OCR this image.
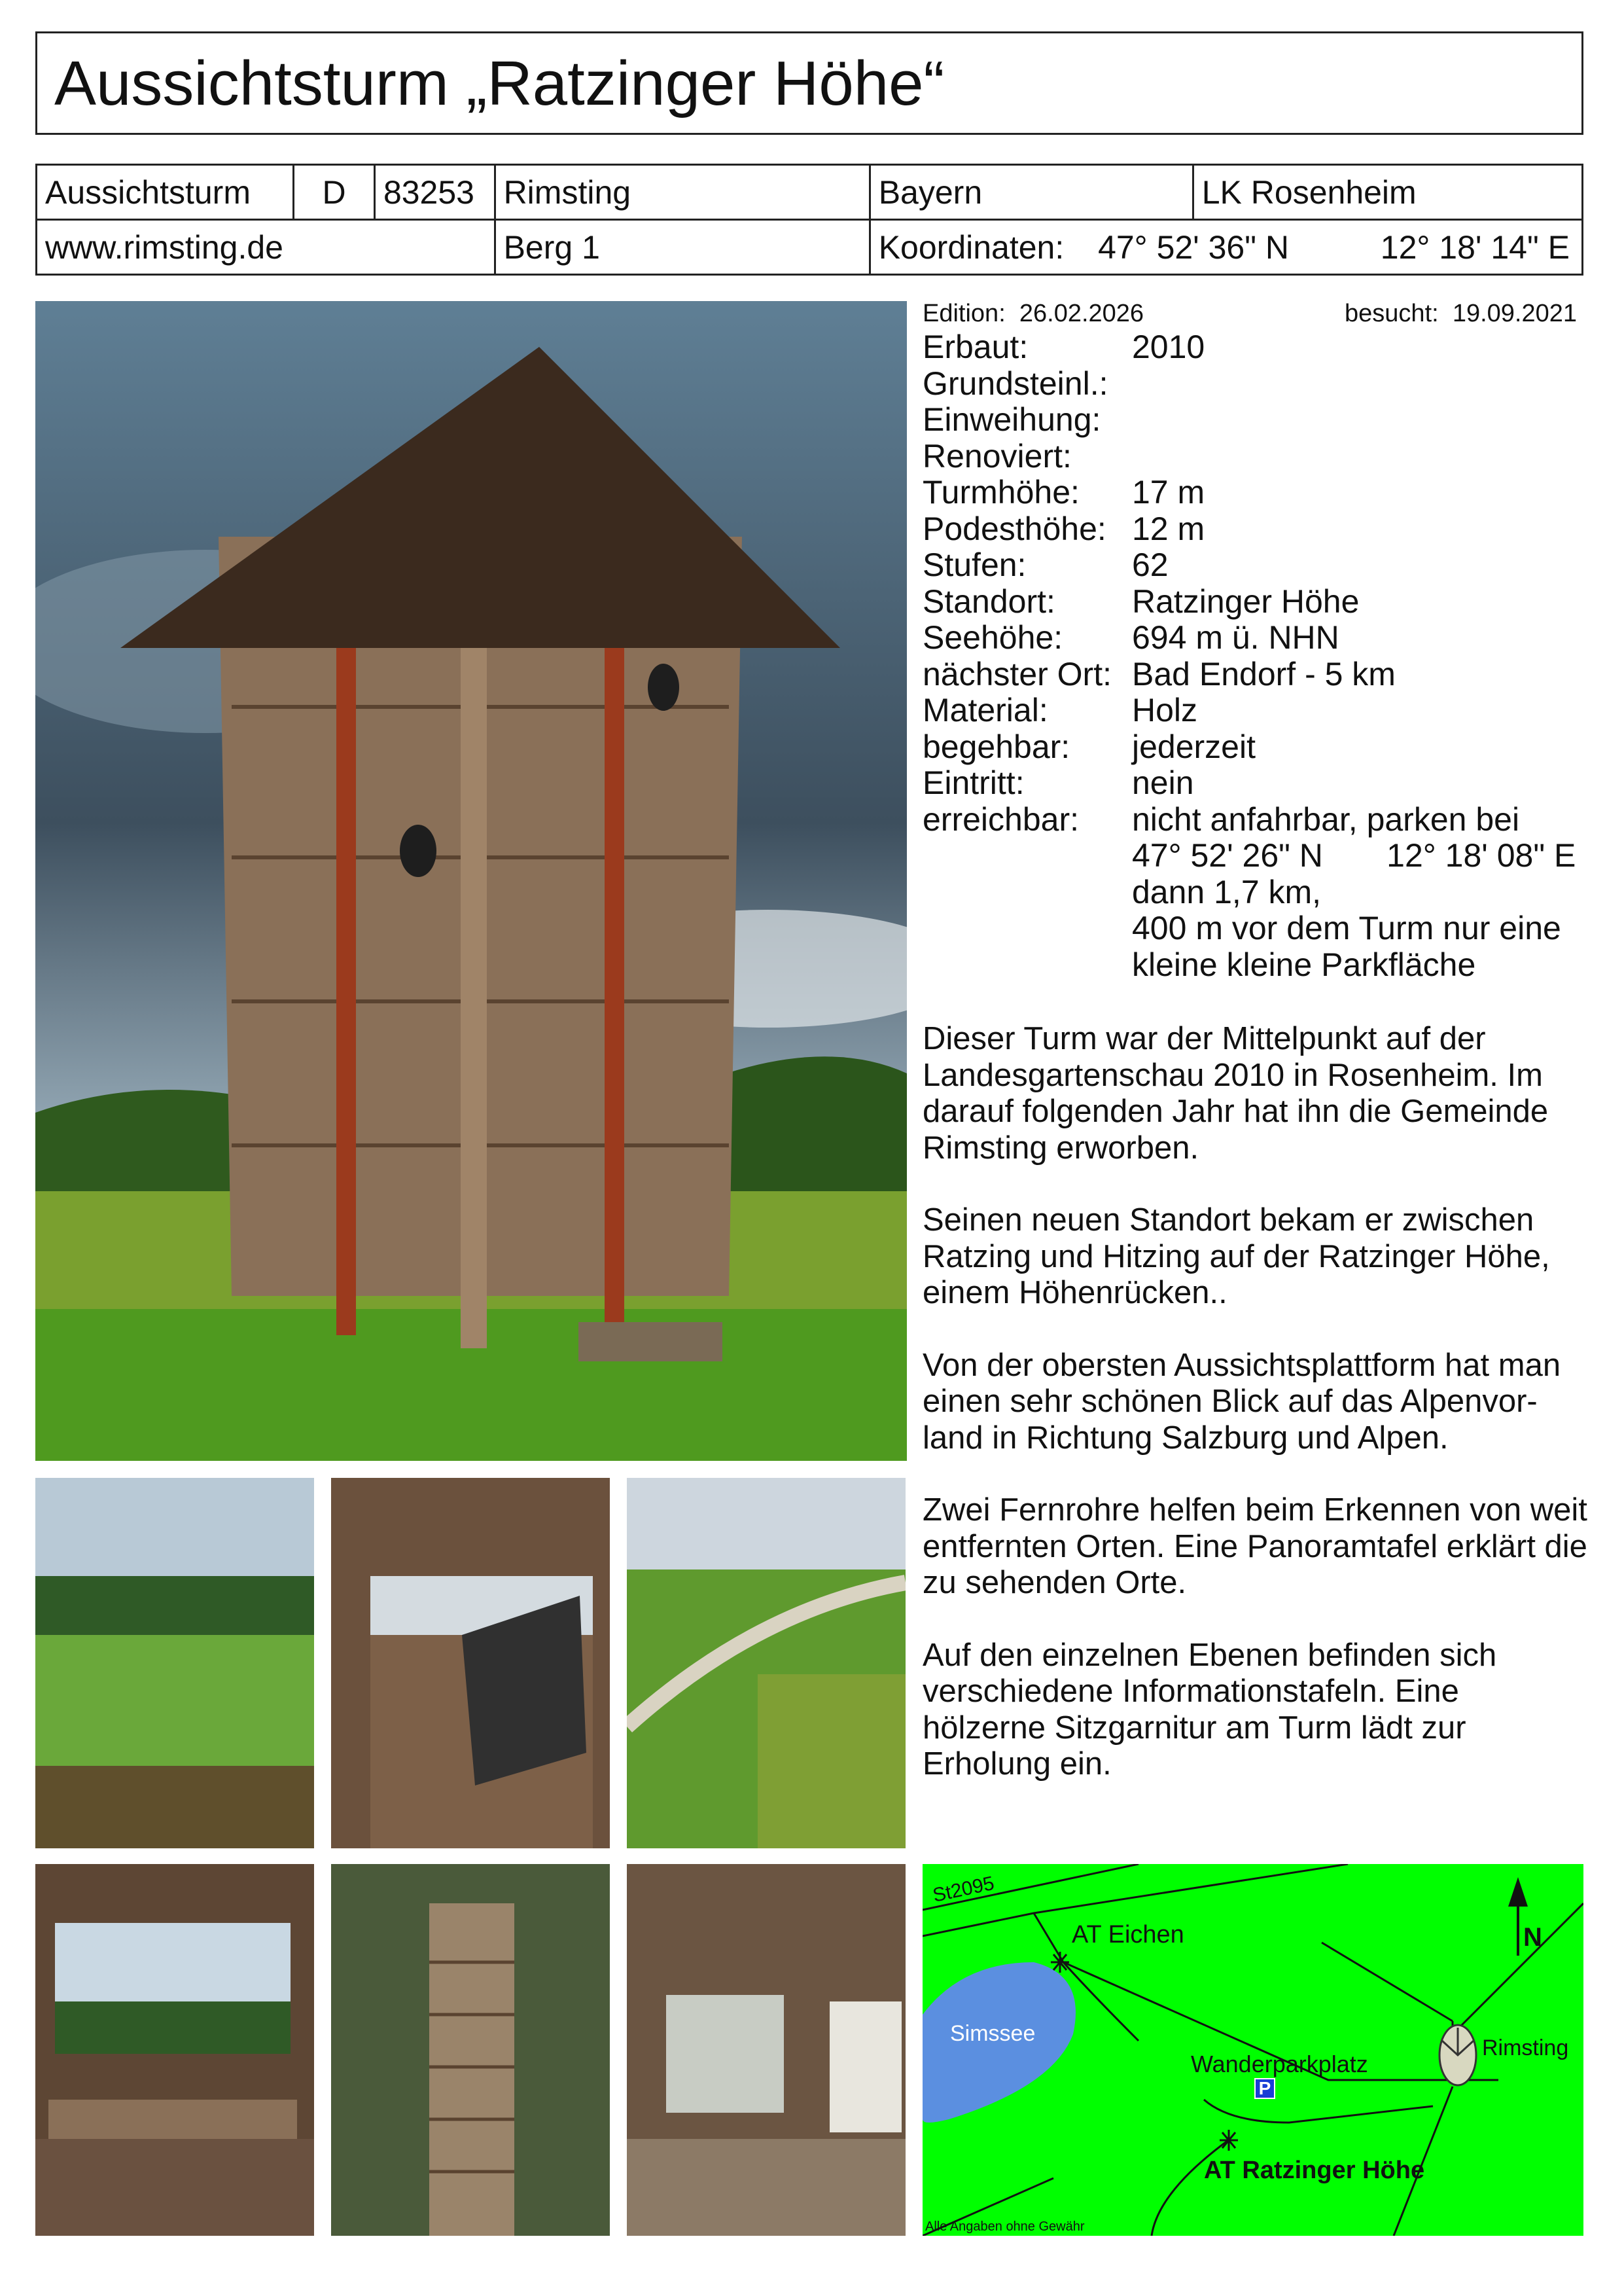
Aussichtsturm „Ratzinger Höhe“
Aussichtsturm	D	83253	Rimsting	Bayern	LK Rosenheim
www.rimsting.de			Berg 1	Koordinaten: 47° 52' 36" N 12° 18' 14" E	
Edition: 26.02.2026	besucht: 19.09.2021
Erbaut:	2010
Grundsteinl.:
Einweihung:
Renoviert:
Turmhöhe:	17 m
Podesthöhe: 12 m
Stufen:	62
Standort:	Ratzinger Höhe
Seehöhe:	694 m ü. NHN
nächster Ort: Bad Endorf - 5 km
Material:	Holz
begehbar:	jederzeit
Eintritt:	nein
erreichbar:	nicht anfahrbar, parken bei
47° 52' 26" N       12° 18' 08" E
dann 1,7 km,
400 m vor dem Turm nur eine
kleine kleine Parkfläche

Dieser Turm war der Mittelpunkt auf der Landesgartenschau 2010 in Rosenheim. Im darauf folgenden Jahr hat ihn die Gemeinde Rimsting erworben.

Seinen neuen Standort bekam er zwischen Ratzing und Hitzing auf der Ratzinger Höhe, einem Höhenrücken..

Von der obersten Aussichtsplattform hat man einen sehr schönen Blick auf das Alpenvor-land in Richtung Salzburg und Alpen.

Zwei Fernrohre helfen beim Erkennen von weit entfernten Orten. Eine Panoramtafel erklärt die zu sehenden Orte.

Auf den einzelnen Ebenen befinden sich verschiedene Informationstafeln. Eine hölzerne Sitzgarnitur am Turm lädt zur Erholung ein.

P
N
St2095
AT Eichen
Simssee
Wanderparkplatz
Rimsting
AT Ratzinger Höhe
Alle Angaben ohne Gewähr
